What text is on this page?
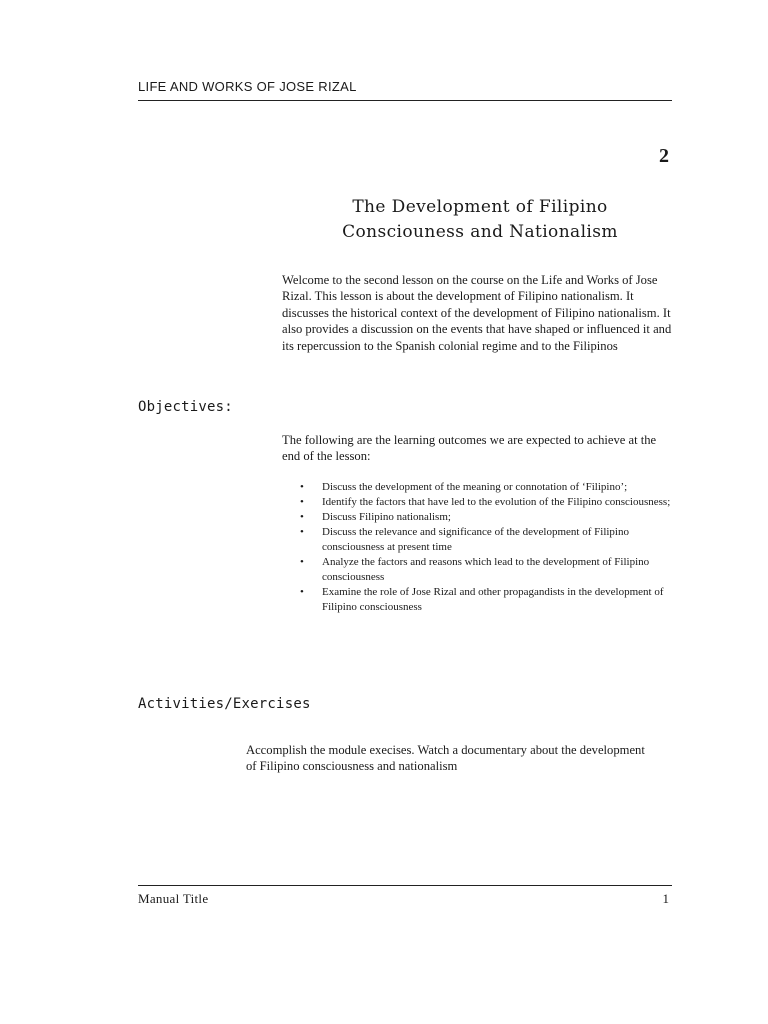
LIFE AND WORKS OF JOSE RIZAL
2
The Development of Filipino
Consciouness and Nationalism
Welcome to the second lesson on the course on the Life and Works of Jose Rizal. This lesson is about the development of Filipino nationalism. It discusses the historical context of the development of Filipino nationalism. It also provides a discussion on the events that have shaped or influenced it and its repercussion to the Spanish colonial regime and to the Filipinos
Objectives:
The following are the learning outcomes we are expected to achieve at the end of the lesson:
• Discuss the development of the meaning or connotation of ‘Filipino’;
• Identify the factors that have led to the evolution of the Filipino consciousness;
• Discuss Filipino nationalism;
• Discuss the relevance and significance of the development of Filipino consciousness at present time
• Analyze the factors and reasons which lead to the development of Filipino consciousness
• Examine the role of Jose Rizal and other propagandists in the development of Filipino consciousness
Activities/Exercises
Accomplish the module execises. Watch a documentary about the development of Filipino consciousness and nationalism
Manual Title	1
